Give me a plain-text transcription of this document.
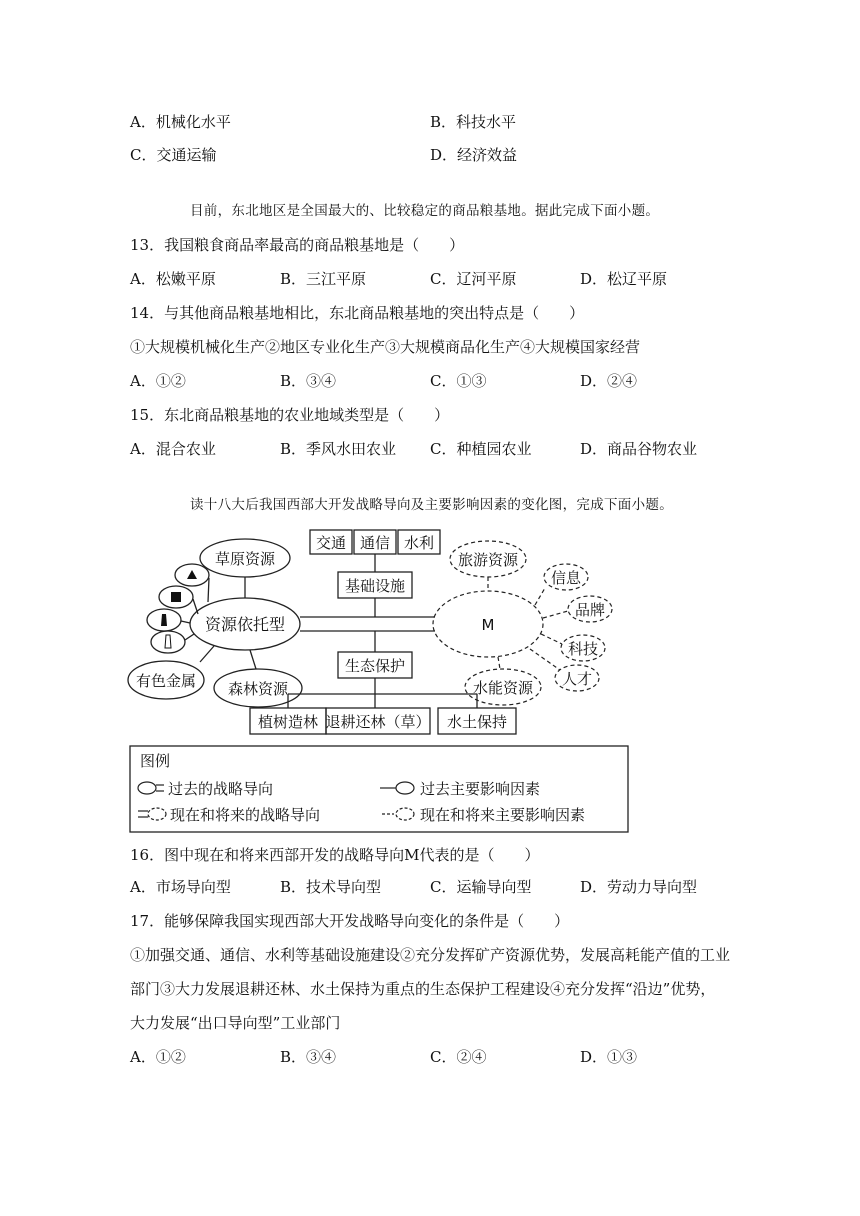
A．机械化水平	B．科技水平
C．交通运输	D．经济效益
目前，东北地区是全国最大的、比较稳定的商品粮基地。据此完成下面小题。
13．我国粮食商品率最高的商品粮基地是（　　）
A．松嫩平原	B．三江平原	C．辽河平原	D．松辽平原
14．与其他商品粮基地相比，东北商品粮基地的突出特点是（　　）
①大规模机械化生产②地区专业化生产③大规模商品化生产④大规模国家经营
A．①②	B．③④	C．①③	D．②④
15．东北商品粮基地的农业地域类型是（　　）
A．混合农业	B．季风水田农业 C．种植园农业	D．商品谷物农业
读十八大后我国西部大开发战略导向及主要影响因素的变化图，完成下面小题。
交通 通信 水利
基础设施
生态保护
植树造林 退耕还林（草） 水土保持
资源依托型
草原资源
森林资源
有色金属
M
旅游资源
水能资源
信息
品牌
科技
人才
图例
过去的战略导向	过去主要影响因素
现在和将来的战略导向	现在和将来主要影响因素
16．图中现在和将来西部开发的战略导向M代表的是（　　）
A．市场导向型	B．技术导向型	C．运输导向型	D．劳动力导向型
17．能够保障我国实现西部大开发战略导向变化的条件是（　　）
①加强交通、通信、水利等基础设施建设②充分发挥矿产资源优势，发展高耗能产值的工业
部门③大力发展退耕还林、水土保持为重点的生态保护工程建设④充分发挥“沿边”优势，
大力发展“出口导向型”工业部门
A．①②	B．③④	C．②④	D．①③
